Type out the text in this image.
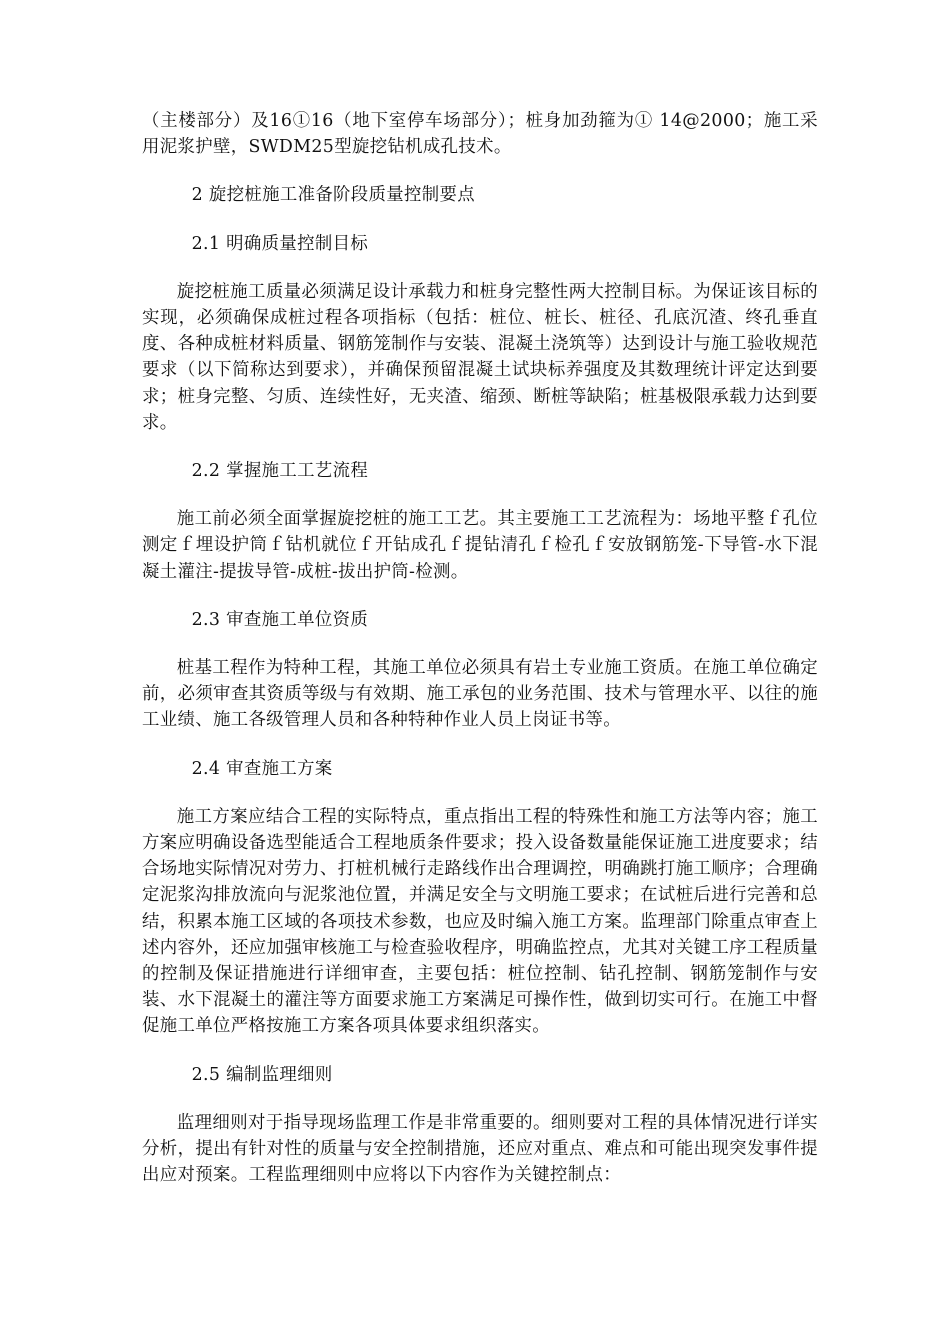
（主楼部分）及16①16（地下室停车场部分）；桩身加劲箍为① 14@2000；施工采用泥浆护壁，SWDM25型旋挖钻机成孔技术。

2 旋挖桩施工准备阶段质量控制要点

2.1 明确质量控制目标

旋挖桩施工质量必须满足设计承载力和桩身完整性两大控制目标。为保证该目标的实现，必须确保成桩过程各项指标（包括：桩位、桩长、桩径、孔底沉渣、终孔垂直度、各种成桩材料质量、钢筋笼制作与安装、混凝土浇筑等）达到设计与施工验收规范要求（以下简称达到要求），并确保预留混凝土试块标养强度及其数理统计评定达到要求；桩身完整、匀质、连续性好，无夹渣、缩颈、断桩等缺陷；桩基极限承载力达到要求。

2.2 掌握施工工艺流程

施工前必须全面掌握旋挖桩的施工工艺。其主要施工工艺流程为：场地平整ｆ孔位测定ｆ埋设护筒ｆ钻机就位ｆ开钻成孔ｆ提钻清孔ｆ检孔ｆ安放钢筋笼-下导管-水下混凝土灌注-提拔导管-成桩-拔出护筒-检测。

2.3 审查施工单位资质

桩基工程作为特种工程，其施工单位必须具有岩土专业施工资质。在施工单位确定前，必须审查其资质等级与有效期、施工承包的业务范围、技术与管理水平、以往的施工业绩、施工各级管理人员和各种特种作业人员上岗证书等。

2.4 审查施工方案

施工方案应结合工程的实际特点，重点指出工程的特殊性和施工方法等内容；施工方案应明确设备选型能适合工程地质条件要求；投入设备数量能保证施工进度要求；结合场地实际情况对劳力、打桩机械行走路线作出合理调控，明确跳打施工顺序；合理确定泥浆沟排放流向与泥浆池位置，并满足安全与文明施工要求；在试桩后进行完善和总结，积累本施工区域的各项技术参数，也应及时编入施工方案。监理部门除重点审查上述内容外，还应加强审核施工与检查验收程序，明确监控点，尤其对关键工序工程质量的控制及保证措施进行详细审查，主要包括：桩位控制、钻孔控制、钢筋笼制作与安装、水下混凝土的灌注等方面要求施工方案满足可操作性，做到切实可行。在施工中督促施工单位严格按施工方案各项具体要求组织落实。

2.5 编制监理细则

监理细则对于指导现场监理工作是非常重要的。细则要对工程的具体情况进行详实分析，提出有针对性的质量与安全控制措施，还应对重点、难点和可能出现突发事件提出应对预案。工程监理细则中应将以下内容作为关键控制点：
